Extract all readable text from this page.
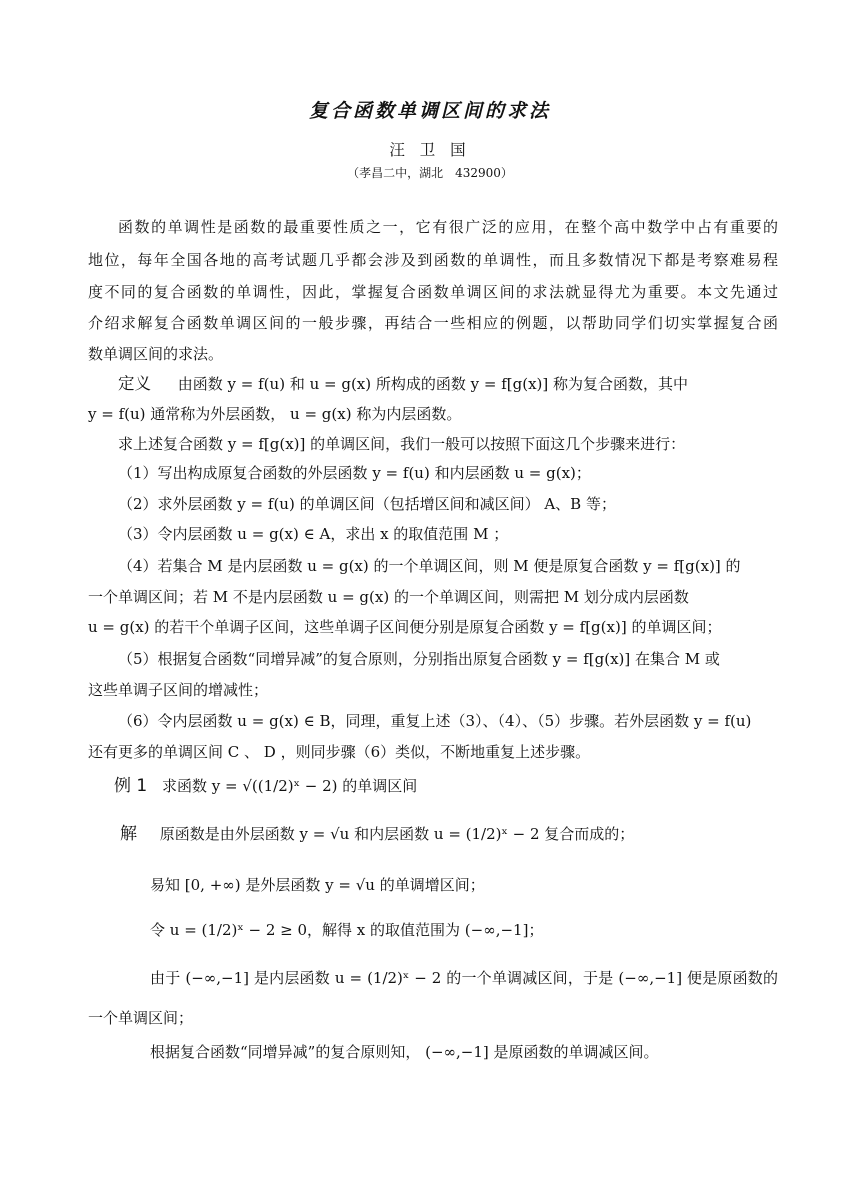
复合函数单调区间的求法
汪 卫 国
（孝昌二中，湖北　432900）
函数的单调性是函数的最重要性质之一，它有很广泛的应用，在整个高中数学中占有重要的
地位，每年全国各地的高考试题几乎都会涉及到函数的单调性，而且多数情况下都是考察难易程
度不同的复合函数的单调性，因此，掌握复合函数单调区间的求法就显得尤为重要。本文先通过
介绍求解复合函数单调区间的一般步骤，再结合一些相应的例题，以帮助同学们切实掌握复合函
数单调区间的求法。
定义 由函数 y = f(u) 和 u = g(x) 所构成的函数 y = f[g(x)] 称为复合函数，其中
y = f(u) 通常称为外层函数， u = g(x) 称为内层函数。
求上述复合函数 y = f[g(x)] 的单调区间，我们一般可以按照下面这几个步骤来进行：
（1）写出构成原复合函数的外层函数 y = f(u) 和内层函数 u = g(x)；
（2）求外层函数 y = f(u) 的单调区间（包括增区间和减区间） A、B 等；
（3）令内层函数 u = g(x) ∈ A，求出 x 的取值范围 M ；
（4）若集合 M 是内层函数 u = g(x) 的一个单调区间，则 M 便是原复合函数 y = f[g(x)] 的
一个单调区间；若 M 不是内层函数 u = g(x) 的一个单调区间，则需把 M 划分成内层函数
u = g(x) 的若干个单调子区间，这些单调子区间便分别是原复合函数 y = f[g(x)] 的单调区间；
（5）根据复合函数“同增异减”的复合原则，分别指出原复合函数 y = f[g(x)] 在集合 M 或
这些单调子区间的增减性；
（6）令内层函数 u = g(x) ∈ B，同理，重复上述（3）、（4）、（5）步骤。若外层函数 y = f(u)
还有更多的单调区间 C 、 D ，则同步骤（6）类似，不断地重复上述步骤。
例 1 求函数 y = √((1/2)ˣ − 2) 的单调区间
解 原函数是由外层函数 y = √u 和内层函数 u = (1/2)ˣ − 2 复合而成的；
易知 [0, +∞) 是外层函数 y = √u 的单调增区间；
令 u = (1/2)ˣ − 2 ≥ 0，解得 x 的取值范围为 (−∞,−1]；
由于 (−∞,−1] 是内层函数 u = (1/2)ˣ − 2 的一个单调减区间，于是 (−∞,−1] 便是原函数的
一个单调区间；
根据复合函数“同增异减”的复合原则知， (−∞,−1] 是原函数的单调减区间。
